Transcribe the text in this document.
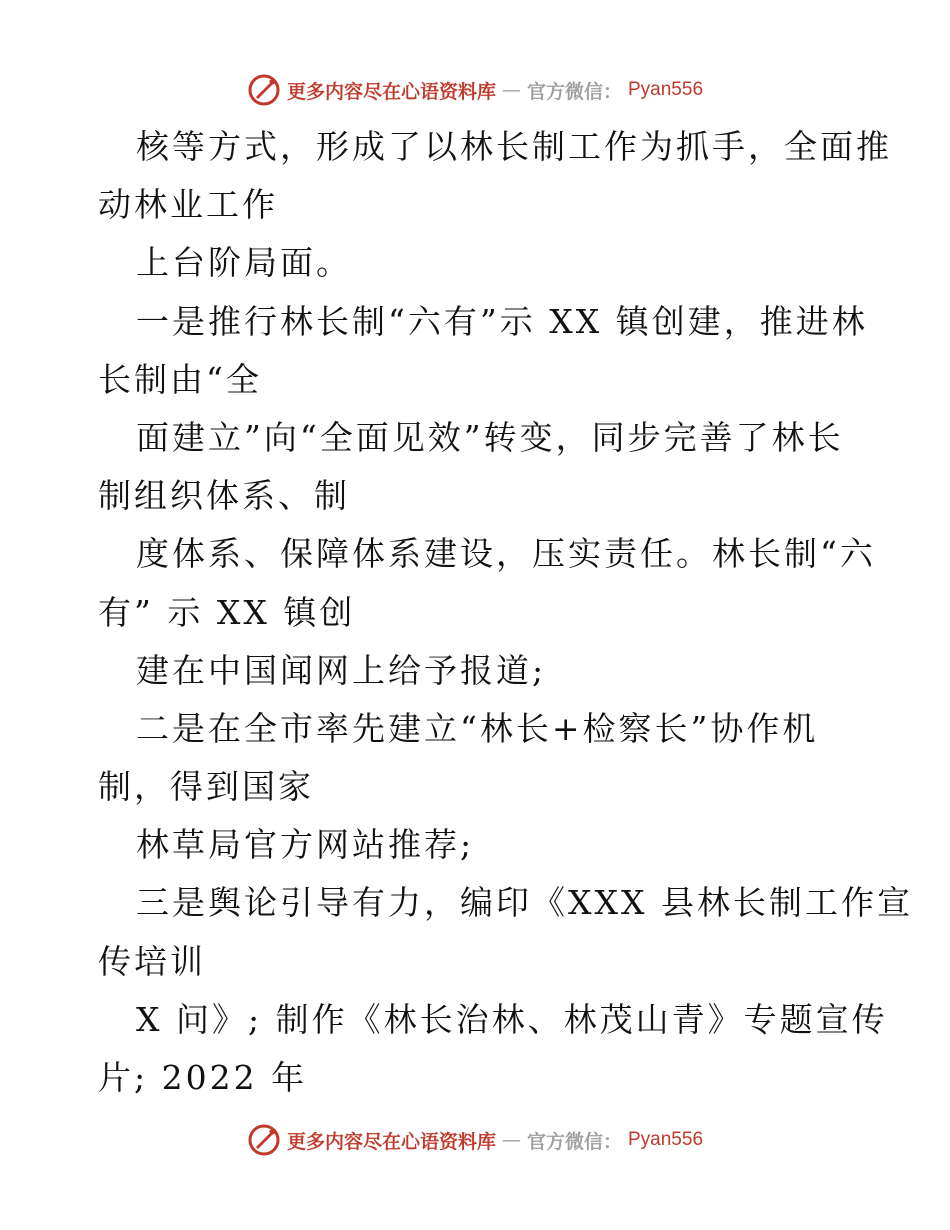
更多内容尽在心语资料库 — 官方微信： Pyan556
核等方式，形成了以林长制工作为抓手，全面推
动林业工作
上台阶局面。
一是推行林长制“六有”示 XX 镇创建，推进林
长制由“全
面建立”向“全面见效”转变，同步完善了林长
制组织体系、制
度体系、保障体系建设，压实责任。林长制“六
有” 示 XX 镇创
建在中国闻网上给予报道;
二是在全市率先建立“林长+检察长”协作机
制，得到国家
林草局官方网站推荐;
三是舆论引导有力，编印《XXX 县林长制工作宣
传培训
X 问》; 制作《林长治林、林茂山青》专题宣传
片; 2022 年
更多内容尽在心语资料库 — 官方微信： Pyan556
